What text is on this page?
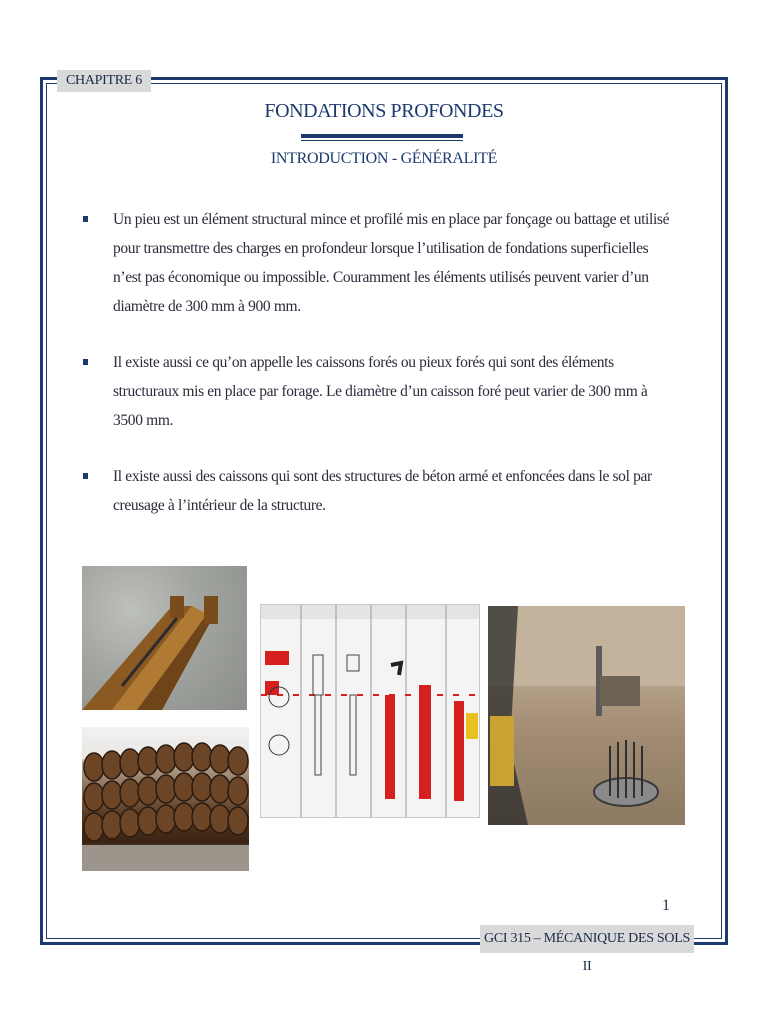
CHAPITRE 6
FONDATIONS PROFONDES
INTRODUCTION - GÉNÉRALITÉ
Un pieu est un élément structural mince et profilé mis en place par fonçage ou battage et utilisé pour transmettre des charges en profondeur lorsque l’utilisation de fondations superficielles n’est pas économique ou impossible. Couramment les éléments utilisés peuvent varier d’un diamètre de 300 mm à 900 mm.
Il existe aussi ce qu’on appelle les caissons forés ou pieux forés qui sont des éléments structuraux mis en place par forage. Le diamètre d’un caisson foré peut varier de 300 mm à 3500 mm.
Il existe aussi des caissons qui sont des structures de béton armé et enfoncées dans le sol par creusage à l’intérieur de la structure.
1
GCI 315 – MÉCANIQUE DES SOLS II
